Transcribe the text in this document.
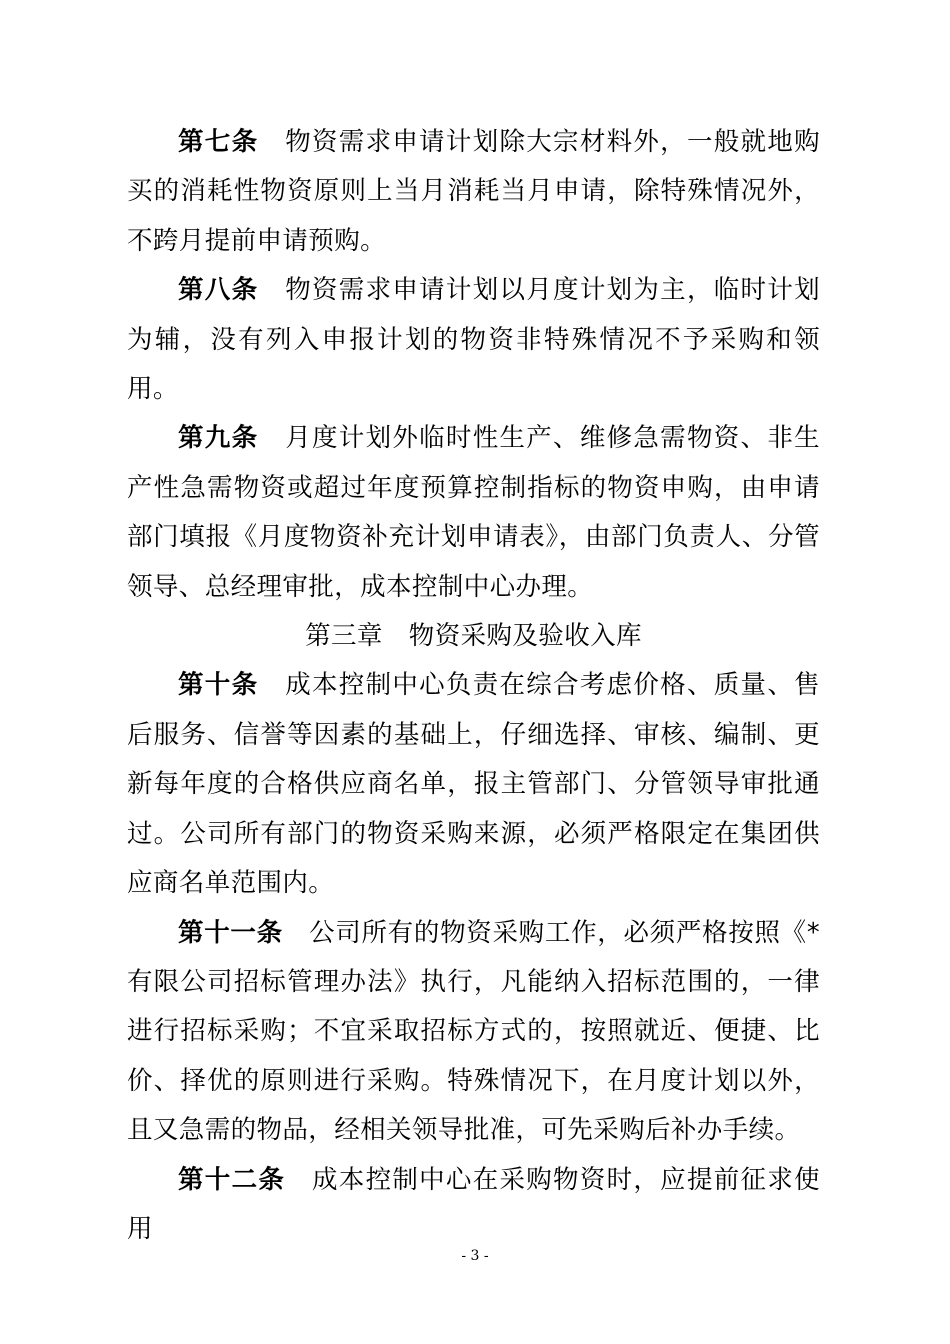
第七条 物资需求申请计划除大宗材料外，一般就地购买的消耗性物资原则上当月消耗当月申请，除特殊情况外，不跨月提前申请预购。

第八条 物资需求申请计划以月度计划为主，临时计划为辅，没有列入申报计划的物资非特殊情况不予采购和领用。

第九条 月度计划外临时性生产、维修急需物资、非生产性急需物资或超过年度预算控制指标的物资申购，由申请部门填报《月度物资补充计划申请表》，由部门负责人、分管领导、总经理审批，成本控制中心办理。

第三章 物资采购及验收入库

第十条 成本控制中心负责在综合考虑价格、质量、售后服务、信誉等因素的基础上，仔细选择、审核、编制、更新每年度的合格供应商名单，报主管部门、分管领导审批通过。公司所有部门的物资采购来源，必须严格限定在集团供应商名单范围内。

第十一条 公司所有的物资采购工作，必须严格按照《*有限公司招标管理办法》执行，凡能纳入招标范围的，一律进行招标采购；不宜采取招标方式的，按照就近、便捷、比价、择优的原则进行采购。特殊情况下，在月度计划以外，且又急需的物品，经相关领导批准，可先采购后补办手续。

第十二条 成本控制中心在采购物资时，应提前征求使用

- 3 -
